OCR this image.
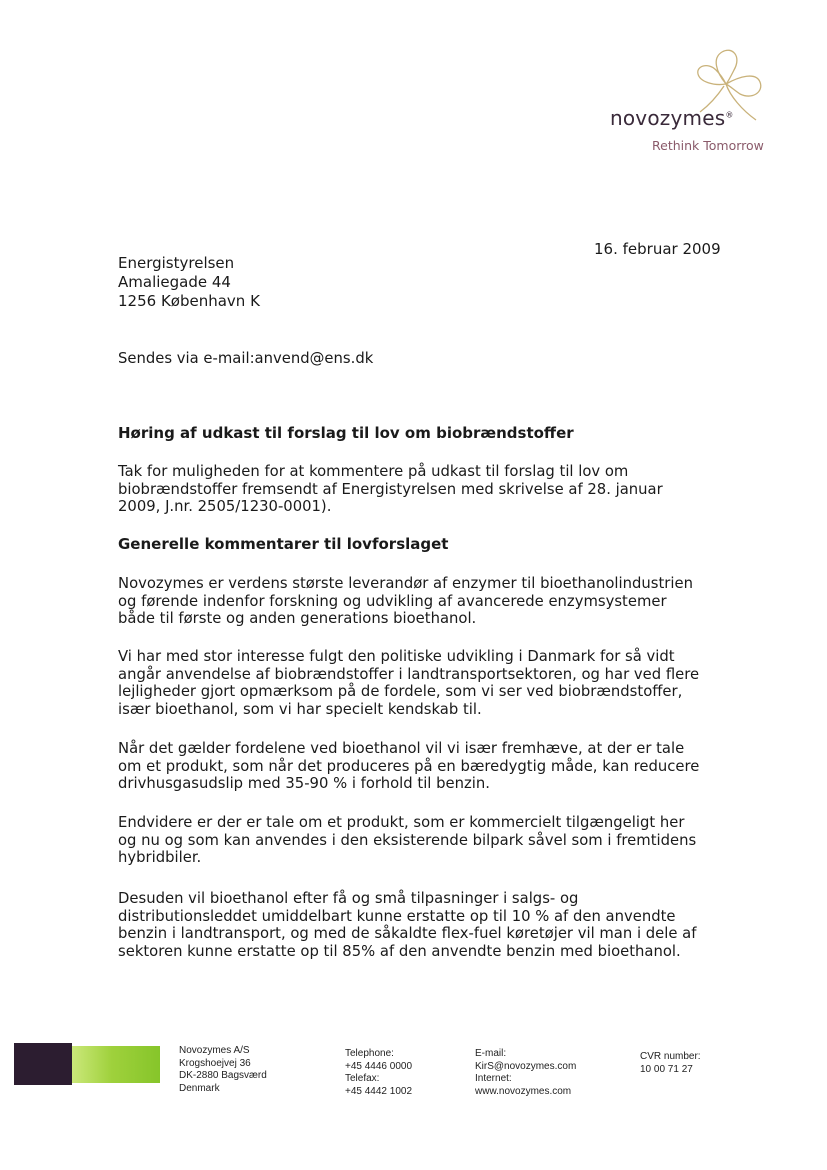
novozymes®
Rethink Tomorrow
16. februar 2009
Energistyrelsen
Amaliegade 44
1256 København K
Sendes via e-mail:anvend@ens.dk
Høring af udkast til forslag til lov om biobrændstoffer
Tak for muligheden for at kommentere på udkast til forslag til lov om
biobrændstoffer fremsendt af Energistyrelsen med skrivelse af 28. januar
2009, J.nr. 2505/1230-0001).
Generelle kommentarer til lovforslaget
Novozymes er verdens største leverandør af enzymer til bioethanolindustrien
og førende indenfor forskning og udvikling af avancerede enzymsystemer
både til første og anden generations bioethanol.
Vi har med stor interesse fulgt den politiske udvikling i Danmark for så vidt
angår anvendelse af biobrændstoffer i landtransportsektoren, og har ved flere
lejligheder gjort opmærksom på de fordele, som vi ser ved biobrændstoffer,
især bioethanol, som vi har specielt kendskab til.
Når det gælder fordelene ved bioethanol vil vi især fremhæve, at der er tale
om et produkt, som når det produceres på en bæredygtig måde, kan reducere
drivhusgasudslip med 35-90 % i forhold til benzin.
Endvidere er der er tale om et produkt, som er kommercielt tilgængeligt her
og nu og som kan anvendes i den eksisterende bilpark såvel som i fremtidens
hybridbiler.
Desuden vil bioethanol efter få og små tilpasninger i salgs- og
distributionsleddet umiddelbart kunne erstatte op til 10 % af den anvendte
benzin i landtransport, og med de såkaldte flex-fuel køretøjer vil man i dele af
sektoren kunne erstatte op til 85% af den anvendte benzin med bioethanol.
Novozymes A/S
Krogshoejvej 36
DK-2880 Bagsværd
Denmark
Telephone:
+45 4446 0000
Telefax:
+45 4442 1002
E-mail:
KirS@novozymes.com
Internet:
www.novozymes.com
CVR number:
10 00 71 27
